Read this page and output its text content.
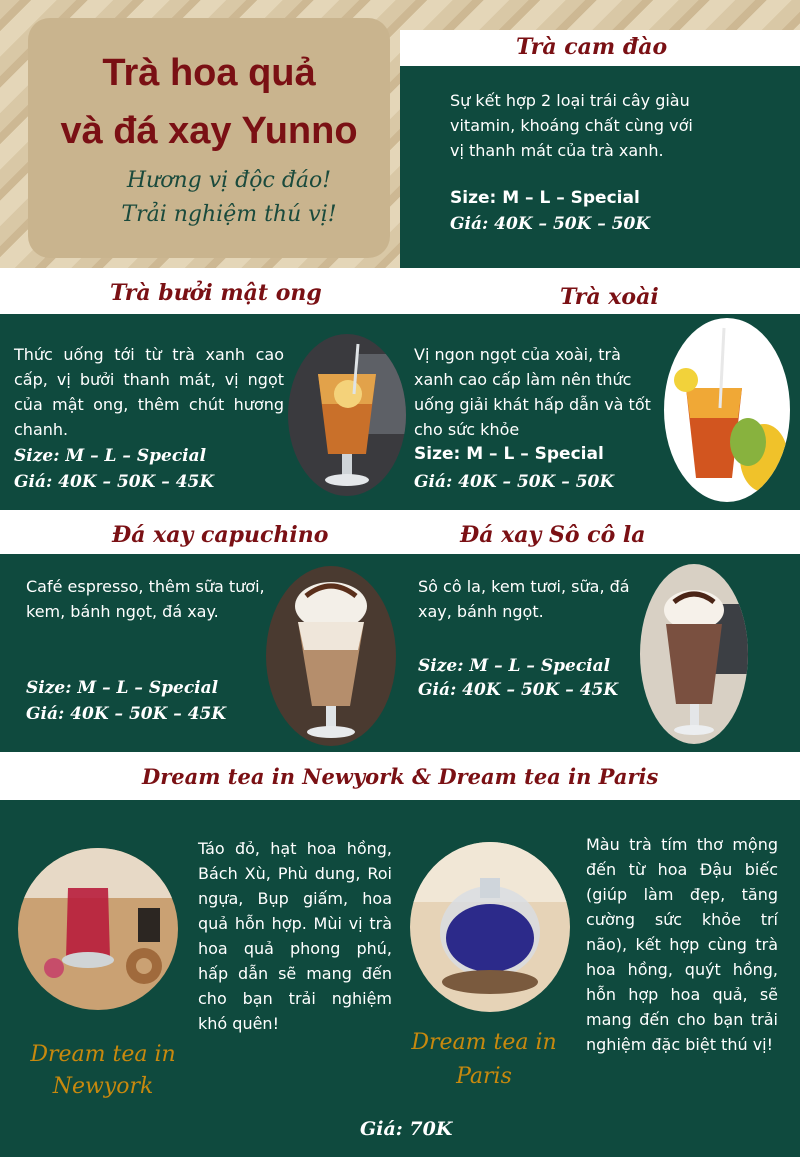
Trà hoa quả
và đá xay Yunno
Hương vị độc đáo!
Trải nghiệm thú vị!
Trà cam đào
Sự kết hợp 2 loại trái cây giàu vitamin, khoáng chất cùng với vị thanh mát của trà xanh.
Size: M – L – Special
Giá: 40K – 50K – 50K
Trà bưởi mật ong	Trà xoài
Thức uống tới từ trà xanh cao cấp, vị bưởi thanh mát, vị ngọt của mật ong, thêm chút hương chanh.
Size: M – L – Special
Giá: 40K – 50K – 45K
Vị ngon ngọt của xoài, trà xanh cao cấp làm nên thức uống giải khát hấp dẫn và tốt cho sức khỏe
Size: M – L – Special
Giá: 40K – 50K – 50K
Đá xay capuchino	Đá xay Sô cô la
Café espresso, thêm sữa tươi, kem, bánh ngọt, đá xay.
Size: M – L – Special
Giá: 40K – 50K – 45K
Sô cô la, kem tươi, sữa, đá xay, bánh ngọt.
Size: M – L – Special
Giá: 40K – 50K – 45K
Dream tea in Newyork & Dream tea in Paris
Táo đỏ, hạt hoa hồng, Bách Xù, Phù dung, Roi ngựa, Bụp giấm, hoa quả hỗn hợp. Mùi vị trà hoa quả phong phú, hấp dẫn sẽ mang đến cho bạn trải nghiệm khó quên!
Dream tea in
Newyork
Dream tea in
Paris
Màu trà tím thơ mộng đến từ hoa Đậu biếc (giúp làm đẹp, tăng cường sức khỏe trí não), kết hợp cùng trà hoa hồng, quýt hồng, hỗn hợp hoa quả, sẽ mang đến cho bạn trải nghiệm đặc biệt thú vị!
Giá: 70K
